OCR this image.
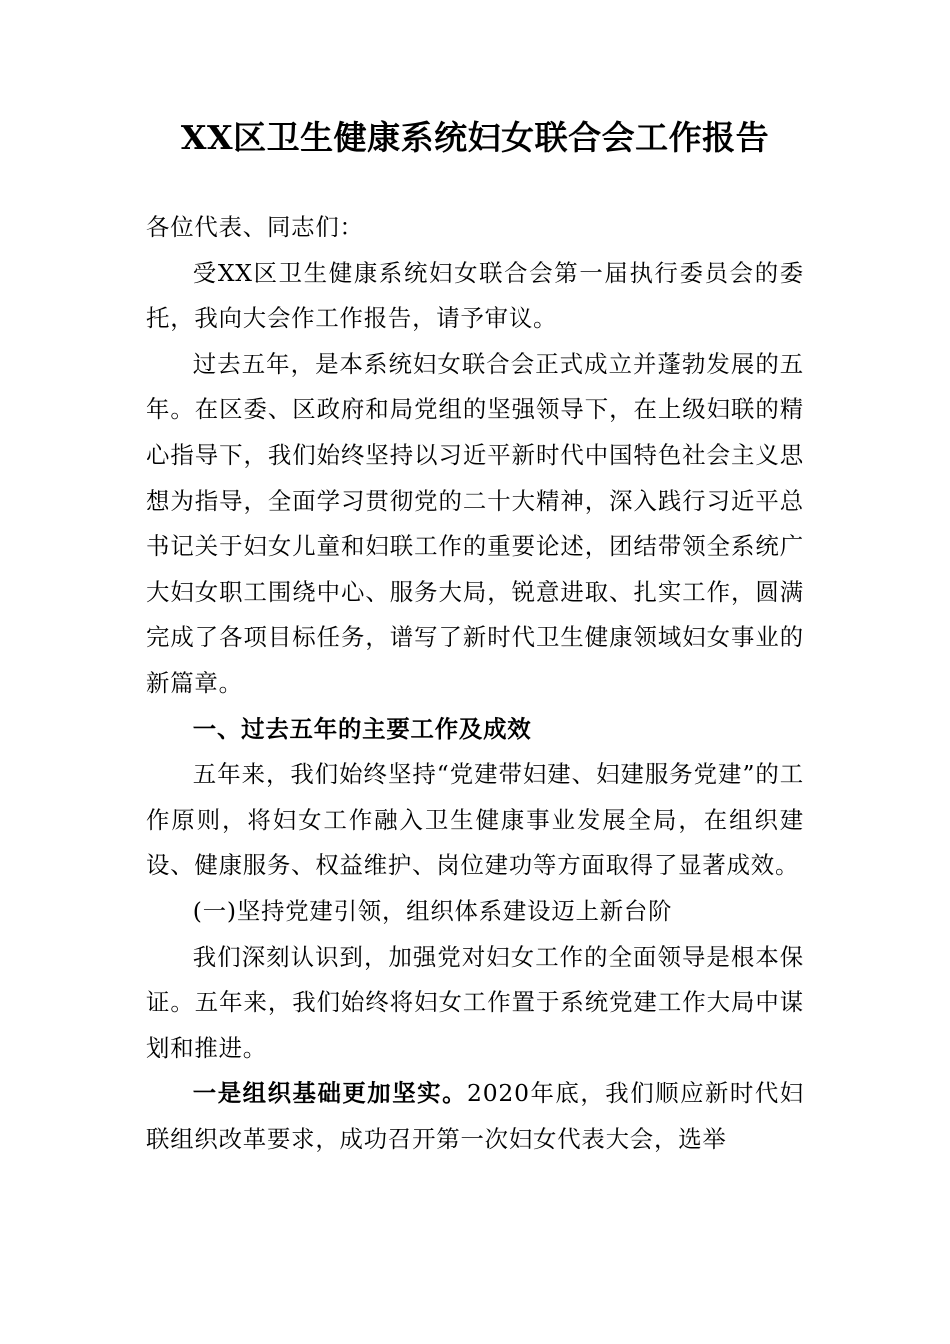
XX区卫生健康系统妇女联合会工作报告

各位代表、同志们：

受XX区卫生健康系统妇女联合会第一届执行委员会的委托，我向大会作工作报告，请予审议。

过去五年，是本系统妇女联合会正式成立并蓬勃发展的五年。在区委、区政府和局党组的坚强领导下，在上级妇联的精心指导下，我们始终坚持以习近平新时代中国特色社会主义思想为指导，全面学习贯彻党的二十大精神，深入践行习近平总书记关于妇女儿童和妇联工作的重要论述，团结带领全系统广大妇女职工围绕中心、服务大局，锐意进取、扎实工作，圆满完成了各项目标任务，谱写了新时代卫生健康领域妇女事业的新篇章。

一、过去五年的主要工作及成效

五年来，我们始终坚持“党建带妇建、妇建服务党建”的工作原则，将妇女工作融入卫生健康事业发展全局，在组织建设、健康服务、权益维护、岗位建功等方面取得了显著成效。

(一)坚持党建引领，组织体系建设迈上新台阶

我们深刻认识到，加强党对妇女工作的全面领导是根本保证。五年来，我们始终将妇女工作置于系统党建工作大局中谋划和推进。

一是组织基础更加坚实。2020年底，我们顺应新时代妇联组织改革要求，成功召开第一次妇女代表大会，选举
